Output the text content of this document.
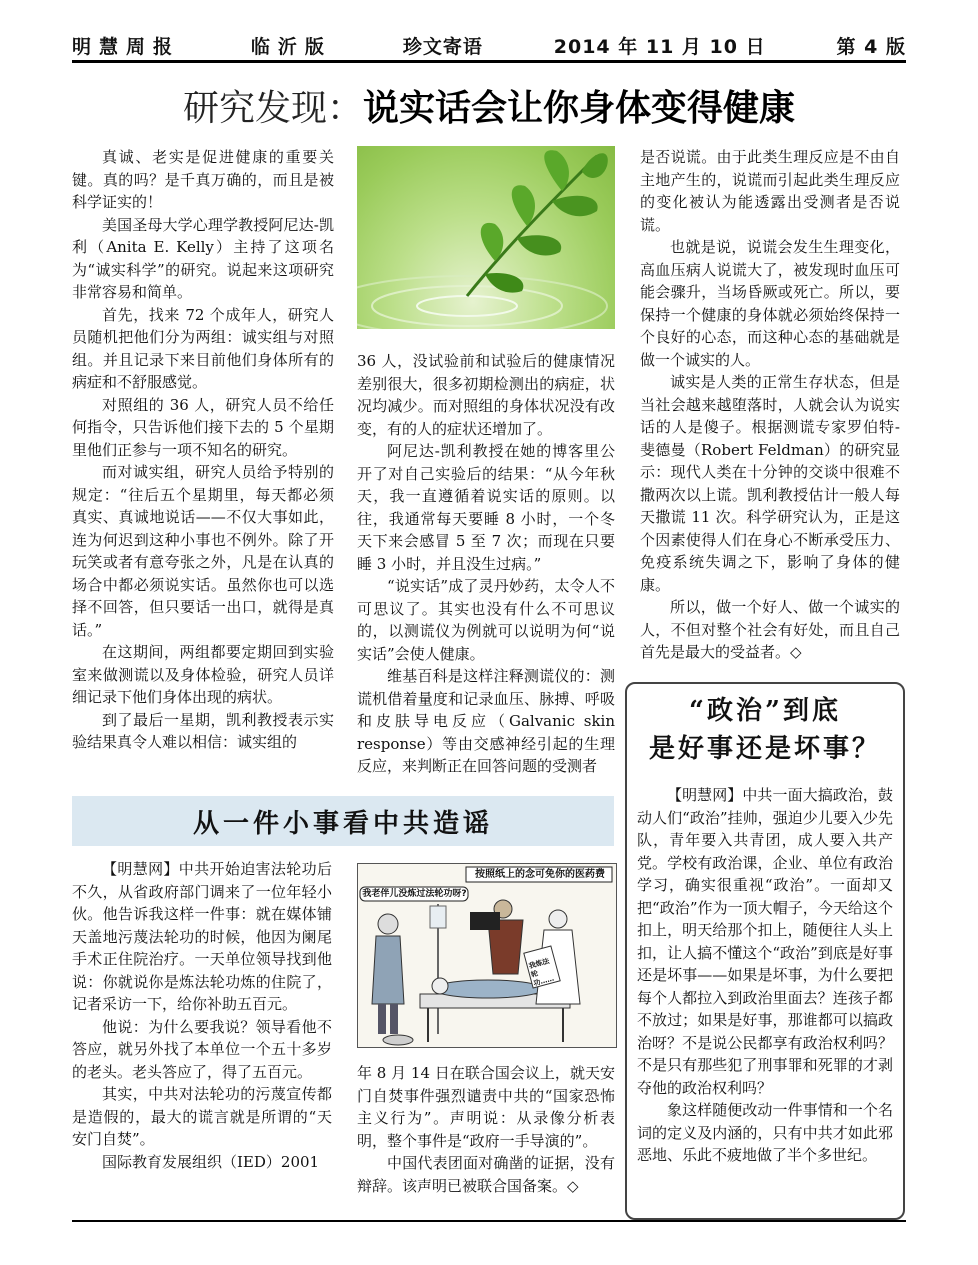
明慧周报	临沂版	珍文寄语	2014 年 11 月 10 日	第 4 版
研究发现：说实话会让你身体变得健康

真诚、老实是促进健康的重要关键。真的吗？是千真万确的，而且是被科学证实的！

美国圣母大学心理学教授阿尼达-凯利（Anita E. Kelly）主持了这项名为“诚实科学”的研究。说起来这项研究非常容易和简单。

首先，找来 72 个成年人，研究人员随机把他们分为两组：诚实组与对照组。并且记录下来目前他们身体所有的病症和不舒服感觉。

对照组的 36 人，研究人员不给任何指令，只告诉他们接下去的 5 个星期里他们正参与一项不知名的研究。

而对诚实组，研究人员给予特别的规定：“往后五个星期里，每天都必须真实、真诚地说话——不仅大事如此，连为何迟到这种小事也不例外。除了开玩笑或者有意夸张之外，凡是在认真的场合中都必须说实话。虽然你也可以选择不回答，但只要话一出口，就得是真话。”

在这期间，两组都要定期回到实验室来做测谎以及身体检验，研究人员详细记录下他们身体出现的病状。

到了最后一星期，凯利教授表示实验结果真令人难以相信：诚实组的

36 人，没试验前和试验后的健康情况差别很大，很多初期检测出的病症，状况均减少。而对照组的身体状况没有改变，有的人的症状还增加了。

阿尼达-凯利教授在她的博客里公开了对自己实验后的结果：“从今年秋天，我一直遵循着说实话的原则。以往，我通常每天要睡 8 小时，一个冬天下来会感冒 5 至 7 次；而现在只要睡 3 小时，并且没生过病。”

“说实话”成了灵丹妙药，太令人不可思议了。其实也没有什么不可思议的，以测谎仪为例就可以说明为何“说实话”会使人健康。

维基百科是这样注释测谎仪的：测谎机借着量度和记录血压、脉搏、呼吸和皮肤导电反应（Galvanic skin response）等由交感神经引起的生理反应，来判断正在回答问题的受测者

是否说谎。由于此类生理反应是不由自主地产生的，说谎而引起此类生理反应的变化被认为能透露出受测者是否说谎。

也就是说，说谎会发生生理变化，高血压病人说谎大了，被发现时血压可能会骤升，当场昏厥或死亡。所以，要保持一个健康的身体就必须始终保持一个良好的心态，而这种心态的基础就是做一个诚实的人。

诚实是人类的正常生存状态，但是当社会越来越堕落时，人就会认为说实话的人是傻子。根据测谎专家罗伯特-斐德曼（Robert Feldman）的研究显示：现代人类在十分钟的交谈中很难不撒两次以上谎。凯利教授估计一般人每天撒谎 11 次。科学研究认为，正是这个因素使得人们在身心不断承受压力、免疫系统失调之下，影响了身体的健康。

所以，做一个好人、做一个诚实的人，不但对整个社会有好处，而且自己首先是最大的受益者。◇

从一件小事看中共造谣

【明慧网】中共开始迫害法轮功后不久，从省政府部门调来了一位年轻小伙。他告诉我这样一件事：就在媒体铺天盖地污蔑法轮功的时候，他因为阑尾手术正住院治疗。一天单位领导找到他说：你就说你是炼法轮功炼的住院了，记者采访一下，给你补助五百元。

他说：为什么要我说？领导看他不答应，就另外找了本单位一个五十多岁的老头。老头答应了，得了五百元。

其实，中共对法轮功的污蔑宣传都是造假的，最大的谎言就是所谓的“天安门自焚”。

国际教育发展组织（IED）2001

按照纸上的念可免你的医药费
我老伴儿没炼过法轮功呀?
我炼法轮功……

年 8 月 14 日在联合国会议上，就天安门自焚事件强烈谴责中共的“国家恐怖主义行为”。声明说：从录像分析表明，整个事件是“政府一手导演的”。

中国代表团面对确凿的证据，没有辩辞。该声明已被联合国备案。◇

“政治”到底
是好事还是坏事？

【明慧网】中共一面大搞政治，鼓动人们“政治”挂帅，强迫少儿要入少先队，青年要入共青团，成人要入共产党。学校有政治课，企业、单位有政治学习，确实很重视“政治”。一面却又把“政治”作为一顶大帽子，今天给这个扣上，明天给那个扣上，随便往人头上扣，让人搞不懂这个“政治”到底是好事还是坏事——如果是坏事，为什么要把每个人都拉入到政治里面去？连孩子都不放过；如果是好事，那谁都可以搞政治呀？不是说公民都享有政治权利吗？不是只有那些犯了刑事罪和死罪的才剥夺他的政治权利吗？

象这样随便改动一件事情和一个名词的定义及内涵的，只有中共才如此邪恶地、乐此不疲地做了半个多世纪。
